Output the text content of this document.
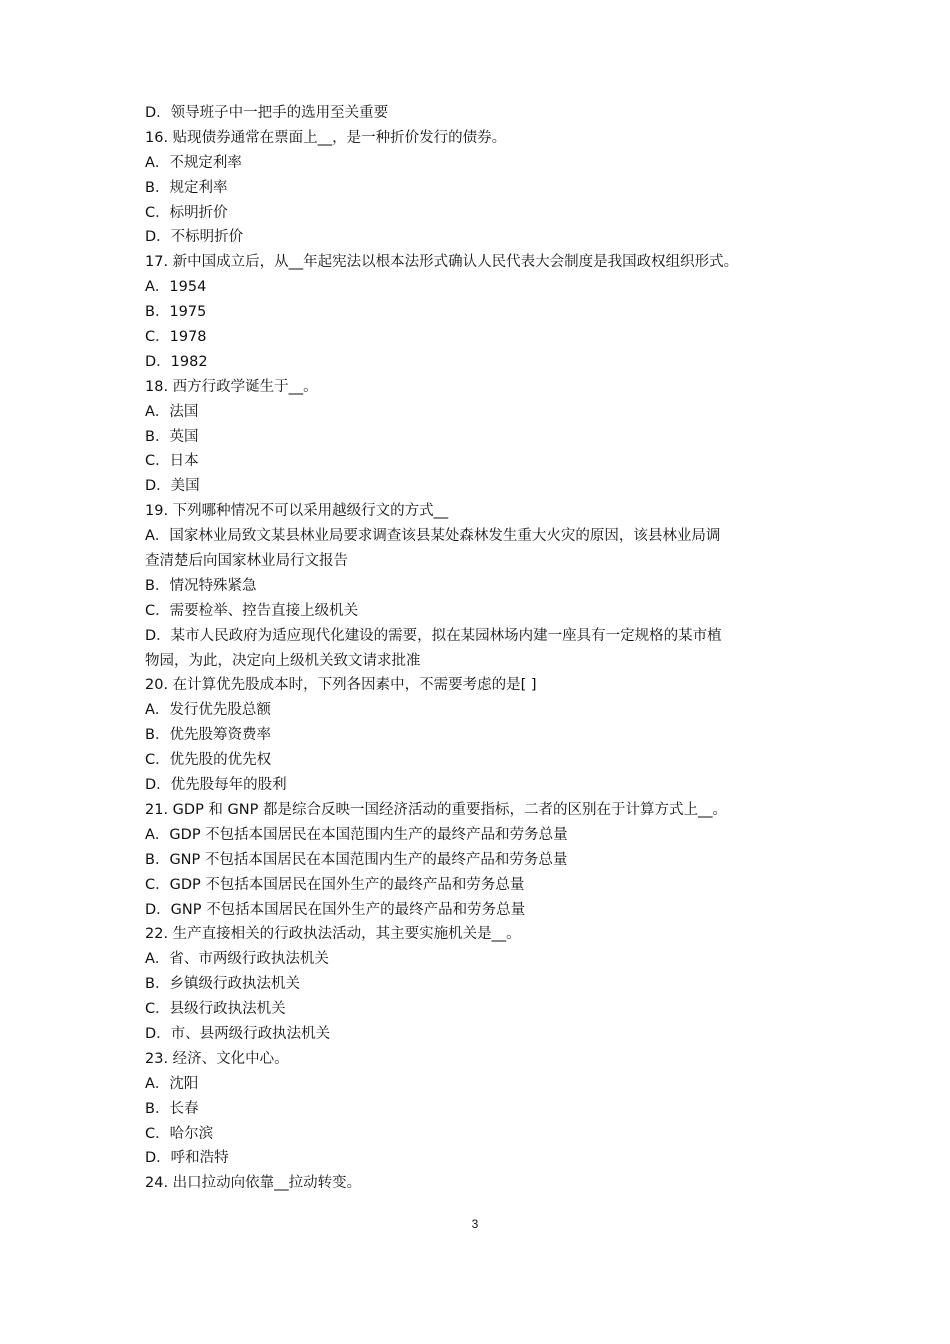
D．领导班子中一把手的选用至关重要
16. 贴现债券通常在票面上__，是一种折价发行的债券。
A．不规定利率
B．规定利率
C．标明折价
D．不标明折价
17. 新中国成立后，从__年起宪法以根本法形式确认人民代表大会制度是我国政权组织形式。
A．1954
B．1975
C．1978
D．1982
18. 西方行政学诞生于__。
A．法国
B．英国
C．日本
D．美国
19. 下列哪种情况不可以采用越级行文的方式__
A．国家林业局致文某县林业局要求调查该县某处森林发生重大火灾的原因，该县林业局调
查清楚后向国家林业局行文报告
B．情况特殊紧急
C．需要检举、控告直接上级机关
D．某市人民政府为适应现代化建设的需要，拟在某园林场内建一座具有一定规格的某市植
物园，为此，决定向上级机关致文请求批准
20. 在计算优先股成本时，下列各因素中，不需要考虑的是[ ]
A．发行优先股总额
B．优先股筹资费率
C．优先股的优先权
D．优先股每年的股利
21. GDP 和 GNP 都是综合反映一国经济活动的重要指标，二者的区别在于计算方式上__。
A．GDP 不包括本国居民在本国范围内生产的最终产品和劳务总量
B．GNP 不包括本国居民在本国范围内生产的最终产品和劳务总量
C．GDP 不包括本国居民在国外生产的最终产品和劳务总量
D．GNP 不包括本国居民在国外生产的最终产品和劳务总量
22. 生产直接相关的行政执法活动，其主要实施机关是__。
A．省、市两级行政执法机关
B．乡镇级行政执法机关
C．县级行政执法机关
D．市、县两级行政执法机关
23. 经济、文化中心。
A．沈阳
B．长春
C．哈尔滨
D．呼和浩特
24. 出口拉动向依靠__拉动转变。
3
